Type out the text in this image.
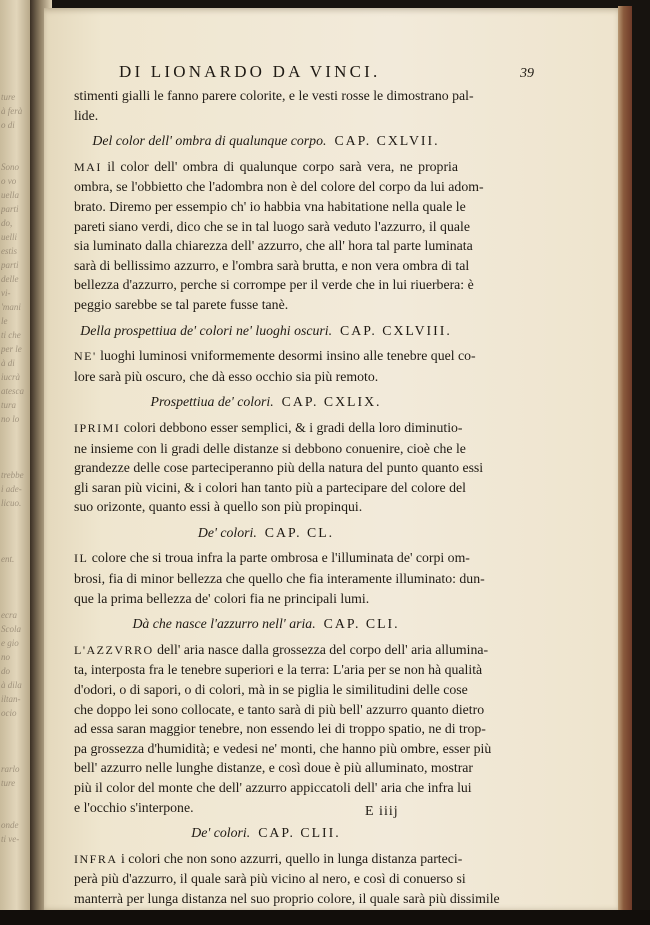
ture
à ferà
o di
Sono
o vo
uella
parti
do,
uelli
estis
parti
delle
vi-
'mani
le
ti che
per le
à di
iucrà
atesca
tura
no lo
trebbe
i ade-
licuo.
ent.
ecra
Scola
e gio
no
do
à dila
iltan-
ocio
rarlo
ture
onde
ti ve-
DI LIONARDO DA VINCI.	39

stimenti gialli le fanno parere colorite, e le vesti rosse le dimostrano pal-
lide.

Del color dell' ombra di qualunque corpo. CAP. CXLVII.

MAI il color dell' ombra di qualunque corpo sarà vera, ne propria
ombra, se l'obbietto che l'adombra non è del colore del corpo da lui adom-
brato. Diremo per essempio ch' io habbia vna habitatione nella quale le
pareti siano verdi, dico che se in tal luogo sarà veduto l'azzurro, il quale
sia luminato dalla chiarezza dell' azzurro, che all' hora tal parte luminata
sarà di bellissimo azzurro, e l'ombra sarà brutta, e non vera ombra di tal
bellezza d'azzurro, perche si corrompe per il verde che in lui riuerbera: è
peggio sarebbe se tal parete fusse tanè.

Della prospettiua de' colori ne' luoghi oscuri. CAP. CXLVIII.

NE' luoghi luminosi vniformemente desormi insino alle tenebre quel co-
lore sarà più oscuro, che dà esso occhio sia più remoto.

Prospettiua de' colori. CAP. CXLIX.

IPRIMI colori debbono esser semplici, & i gradi della loro diminutio-
ne insieme con li gradi delle distanze si debbono conuenire, cioè che le
grandezze delle cose parteciperanno più della natura del punto quanto essi
gli saran più vicini, & i colori han tanto più a partecipare del colore del
suo orizonte, quanto essi à quello son più propinqui.

De' colori. CAP. CL.

IL colore che si troua infra la parte ombrosa e l'illuminata de' corpi om-
brosi, fia di minor bellezza che quello che fia interamente illuminato: dun-
que la prima bellezza de' colori fia ne principali lumi.

Dà che nasce l'azzurro nell' aria. CAP. CLI.

L'AZZVRRO dell' aria nasce dalla grossezza del corpo dell' aria allumina-
ta, interposta fra le tenebre superiori e la terra: L'aria per se non hà qualità
d'odori, o di sapori, o di colori, mà in se piglia le similitudini delle cose
che doppo lei sono collocate, e tanto sarà di più bell' azzurro quanto dietro
ad essa saran maggior tenebre, non essendo lei di troppo spatio, ne di trop-
pa grossezza d'humidità; e vedesi ne' monti, che hanno più ombre, esser più
bell' azzurro nelle lunghe distanze, e così doue è più alluminato, mostrar
più il color del monte che dell' azzurro appiccatoli dell' aria che infra lui
e l'occhio s'interpone.

De' colori. CAP. CLII.

INFRA i colori che non sono azzurri, quello in lunga distanza parteci-
perà più d'azzurro, il quale sarà più vicino al nero, e così di conuerso si
manterrà per lunga distanza nel suo proprio colore, il quale sarà più dissimile

E iiij
